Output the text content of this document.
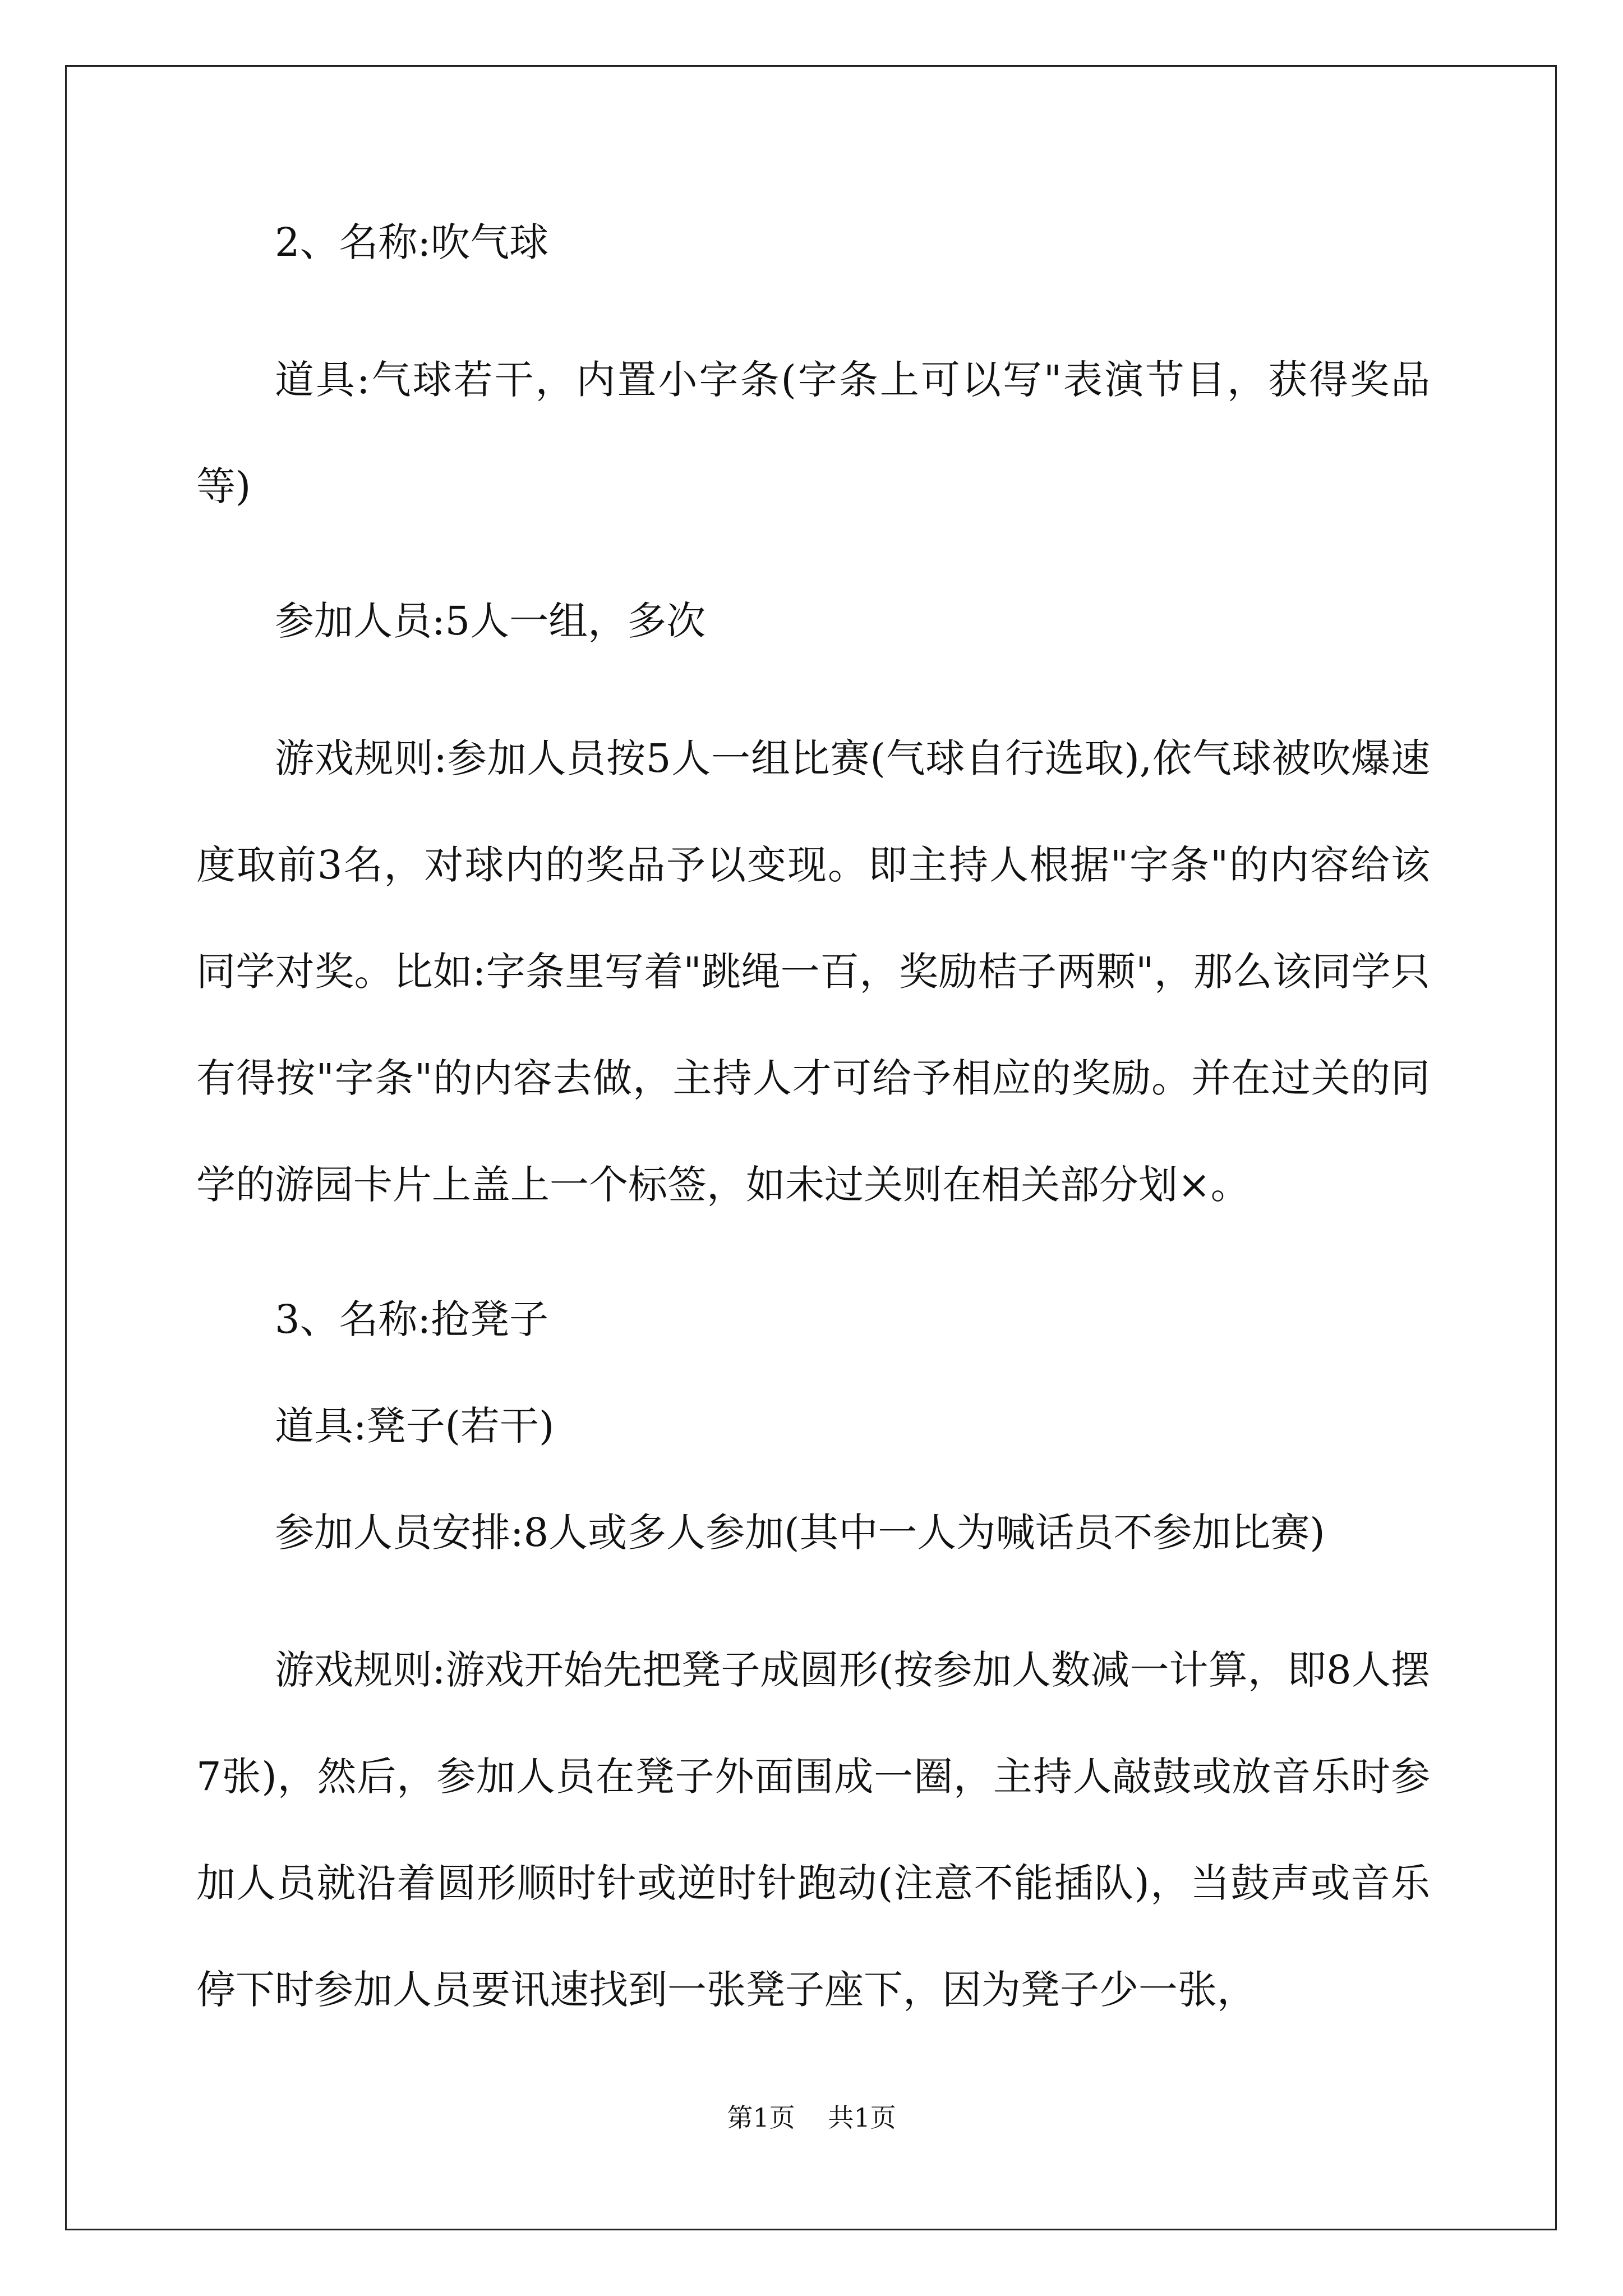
2、名称:吹气球

道具:气球若干，内置小字条(字条上可以写"表演节目，获得奖品等)

参加人员:5人一组，多次

游戏规则:参加人员按5人一组比赛(气球自行选取),依气球被吹爆速度取前3名，对球内的奖品予以变现。即主持人根据"字条"的内容给该同学对奖。比如:字条里写着"跳绳一百，奖励桔子两颗"，那么该同学只有得按"字条"的内容去做，主持人才可给予相应的奖励。并在过关的同学的游园卡片上盖上一个标签，如未过关则在相关部分划×。

3、名称:抢凳子

道具:凳子(若干)

参加人员安排:8人或多人参加(其中一人为喊话员不参加比赛)

游戏规则:游戏开始先把凳子成圆形(按参加人数减一计算，即8人摆7张)，然后，参加人员在凳子外面围成一圈，主持人敲鼓或放音乐时参加人员就沿着圆形顺时针或逆时针跑动(注意不能插队)，当鼓声或音乐停下时参加人员要讯速找到一张凳子座下，因为凳子少一张，

第1页 共1页
